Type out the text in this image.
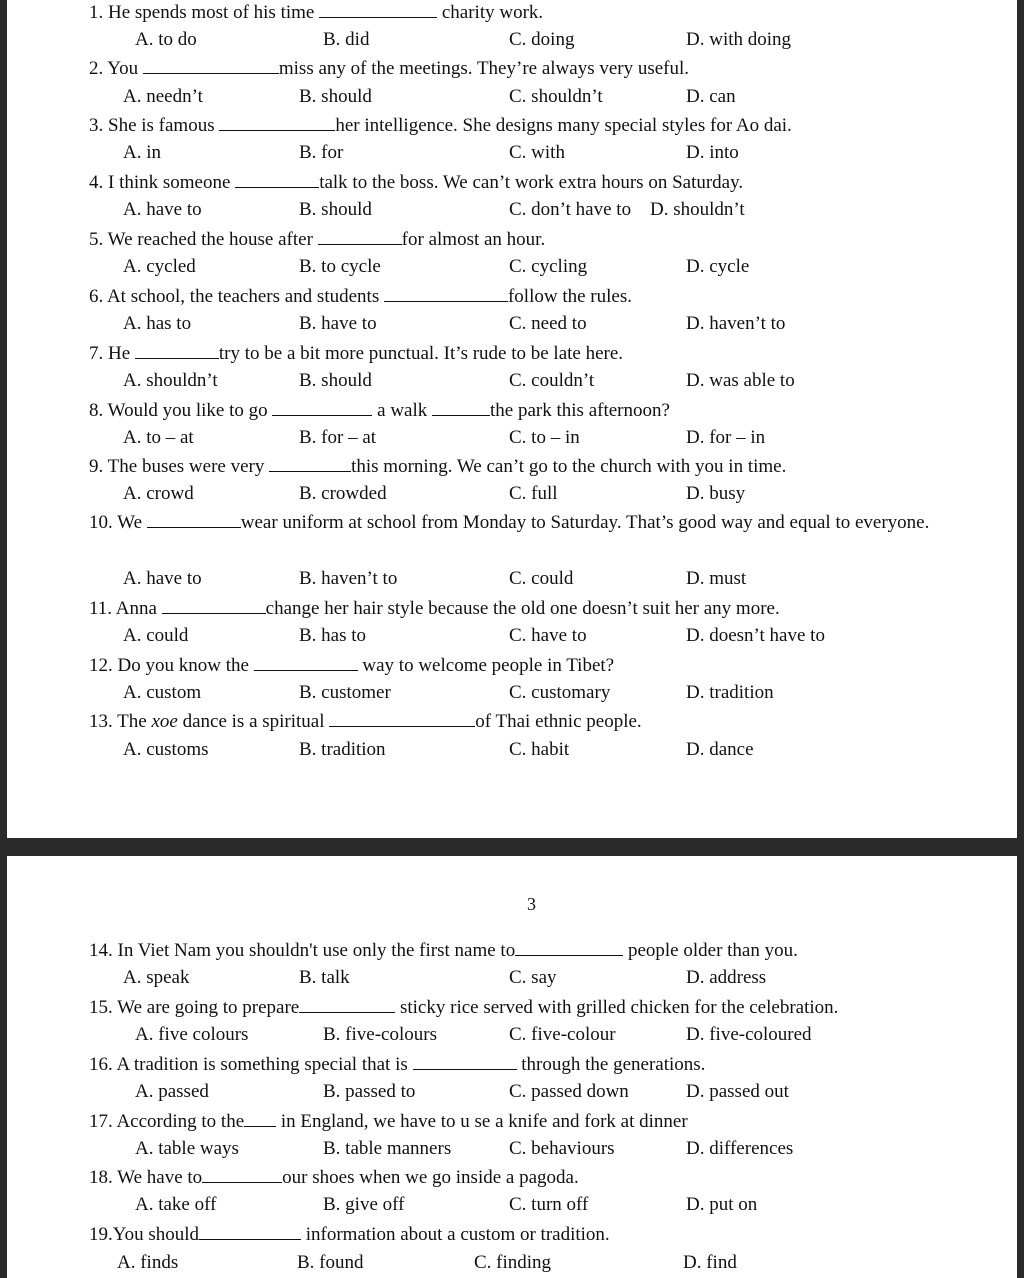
1. He spends most of his time	charity work.
A. to do	B. did	C. doing	D. with doing
2. You	miss any of the meetings. They’re always very useful.
A. needn’t	B. should	C. shouldn’t	D. can
3. She is famous	her intelligence. She designs many special styles for Ao dai.
A. in	B. for	C. with	D. into
4. I think someone	talk to the boss. We can’t work extra hours on Saturday.
A. have to	B. should	C. don’t have to D. shouldn’t
5. We reached the house after	for almost an hour.
A. cycled	B. to cycle	C. cycling	D. cycle
6. At school, the teachers and students	follow the rules.
A. has to	B. have to	C. need to	D. haven’t to
7. He	try to be a bit more punctual. It’s rude to be late here.
A. shouldn’t	B. should	C. couldn’t	D. was able to
8. Would you like to go	a walk	the park this afternoon?
A. to – at	B. for – at	C. to – in	D. for – in
9. The buses were very	this morning. We can’t go to the church with you in time.
A. crowd	B. crowded	C. full	D. busy
10. We	wear uniform at school from Monday to Saturday. That’s good way and equal to everyone.
A. have to	B. haven’t to	C. could	D. must
11. Anna	change her hair style because the old one doesn’t suit her any more.
A. could	B. has to	C. have to	D. doesn’t have to
12. Do you know the	way to welcome people in Tibet?
A. custom	B. customer	C. customary	D. tradition
13. The xoe dance is a spiritual	of Thai ethnic people.
A. customs	B. tradition	C. habit	D. dance
3
14. In Viet Nam you shouldn't use only the first name to	people older than you.
A. speak	B. talk	C. say	D. address
15. We are going to prepare	sticky rice served with grilled chicken for the celebration.
A. five colours	B. five-colours	C. five-colour	D. five-coloured
16. A tradition is something special that is	through the generations.
A. passed	B. passed to	C. passed down	D. passed out
17. According to the in England, we have to u se a knife and fork at dinner
A. table ways	B. table manners	C. behaviours	D. differences
18. We have to	our shoes when we go inside a pagoda.
A. take off	B. give off	C. turn off	D. put on
19.You should	information about a custom or tradition.
A. finds	B. found	C. finding	D. find
